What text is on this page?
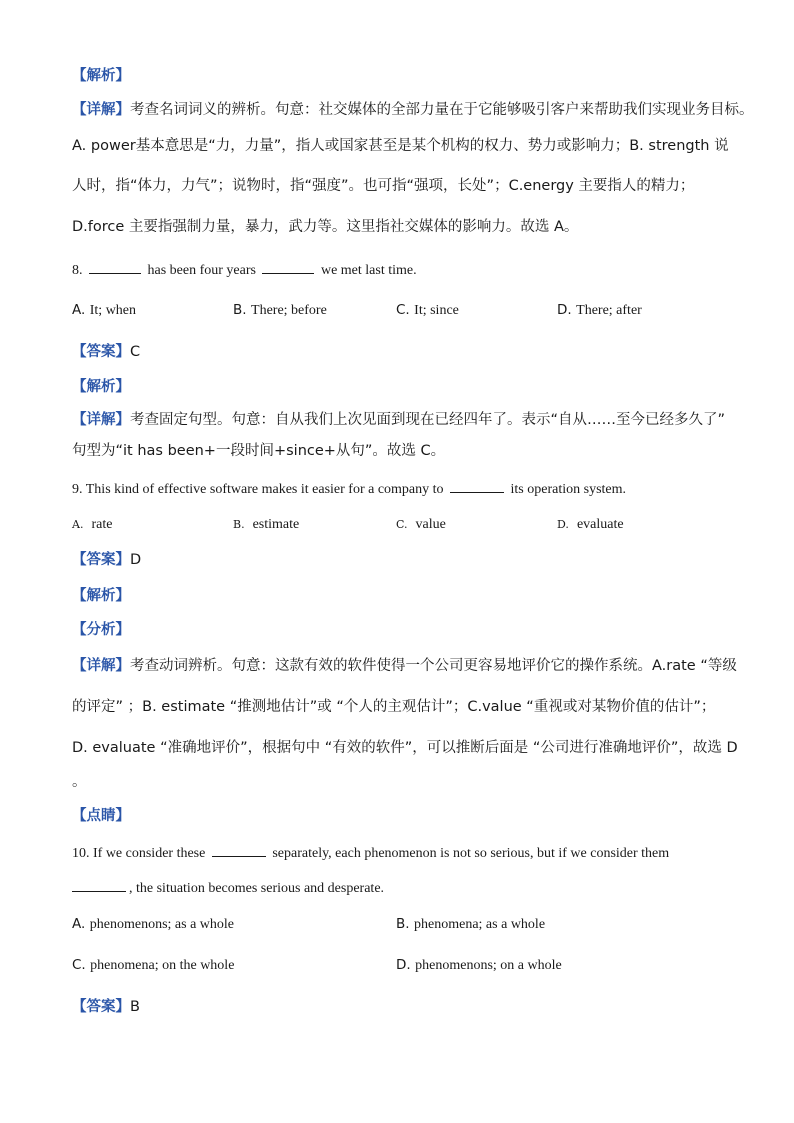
【解析】
【详解】考查名词词义的辨析。句意：社交媒体的全部力量在于它能够吸引客户来帮助我们实现业务目标。
A. power基本意思是“力，力量”，指人或国家甚至是某个机构的权力、势力或影响力；B. strength 说
人时，指“体力，力气”；说物时，指“强度”。也可指“强项，长处”；C.energy 主要指人的精力；
D.force 主要指强制力量，暴力，武力等。这里指社交媒体的影响力。故选 A。
8.	has been four years	we met last time.
A. It; when	B. There; before	C. It; since	D. There; after
【答案】C
【解析】
【详解】考查固定句型。句意：自从我们上次见面到现在已经四年了。表示“自从……至今已经多久了”
句型为“it has been+一段时间+since+从句”。故选 C。
9. This kind of effective software makes it easier for a company to	its operation system.
A. rate	B. estimate	C. value	D. evaluate
【答案】D
【解析】
【分析】
【详解】考查动词辨析。句意：这款有效的软件使得一个公司更容易地评价它的操作系统。A.rate “等级
的评定” ；B. estimate “推测地估计”或 “个人的主观估计”；C.value “重视或对某物价值的估计”；
D. evaluate “准确地评价”，根据句中 “有效的软件”，可以推断后面是 “公司进行准确地评价”，故选 D
。
【点睛】
10. If we consider these	separately, each phenomenon is not so serious, but if we consider them
, the situation becomes serious and desperate.
A. phenomenons; as a whole	B. phenomena; as a whole
C. phenomena; on the whole	D. phenomenons; on a whole
【答案】B
